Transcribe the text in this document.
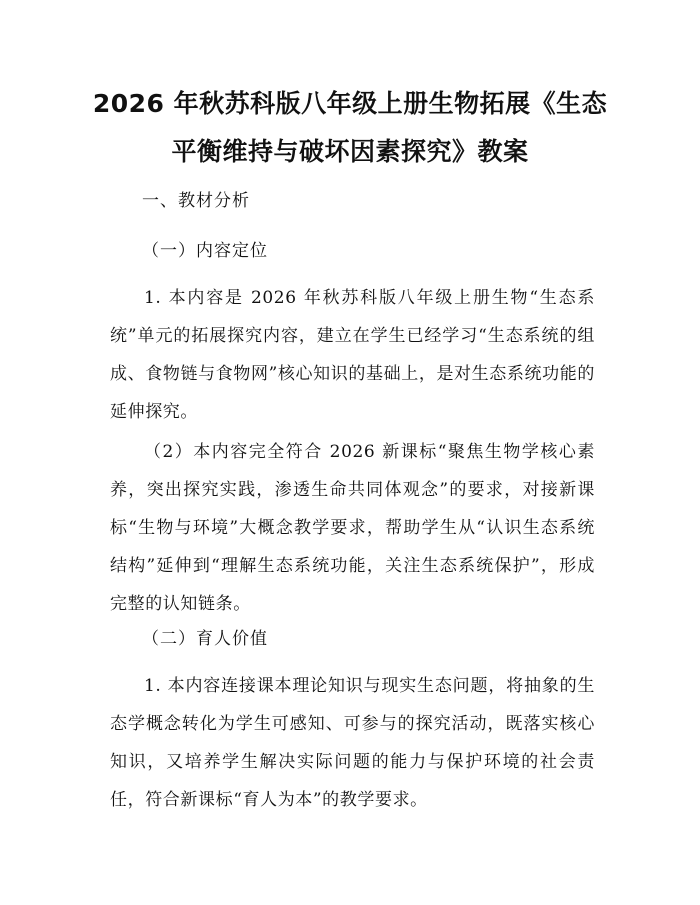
2026 年秋苏科版八年级上册生物拓展《生态
平衡维持与破坏因素探究》教案
一、教材分析
（一）内容定位
1. 本内容是 2026 年秋苏科版八年级上册生物“生态系统”单元的拓展探究内容，建立在学生已经学习“生态系统的组成、食物链与食物网”核心知识的基础上，是对生态系统功能的延伸探究。
（2）本内容完全符合 2026 新课标“聚焦生物学核心素养，突出探究实践，渗透生命共同体观念”的要求，对接新课标“生物与环境”大概念教学要求，帮助学生从“认识生态系统结构”延伸到“理解生态系统功能，关注生态系统保护”，形成完整的认知链条。
（二）育人价值
1. 本内容连接课本理论知识与现实生态问题，将抽象的生态学概念转化为学生可感知、可参与的探究活动，既落实核心知识，又培养学生解决实际问题的能力与保护环境的社会责任，符合新课标“育人为本”的教学要求。
